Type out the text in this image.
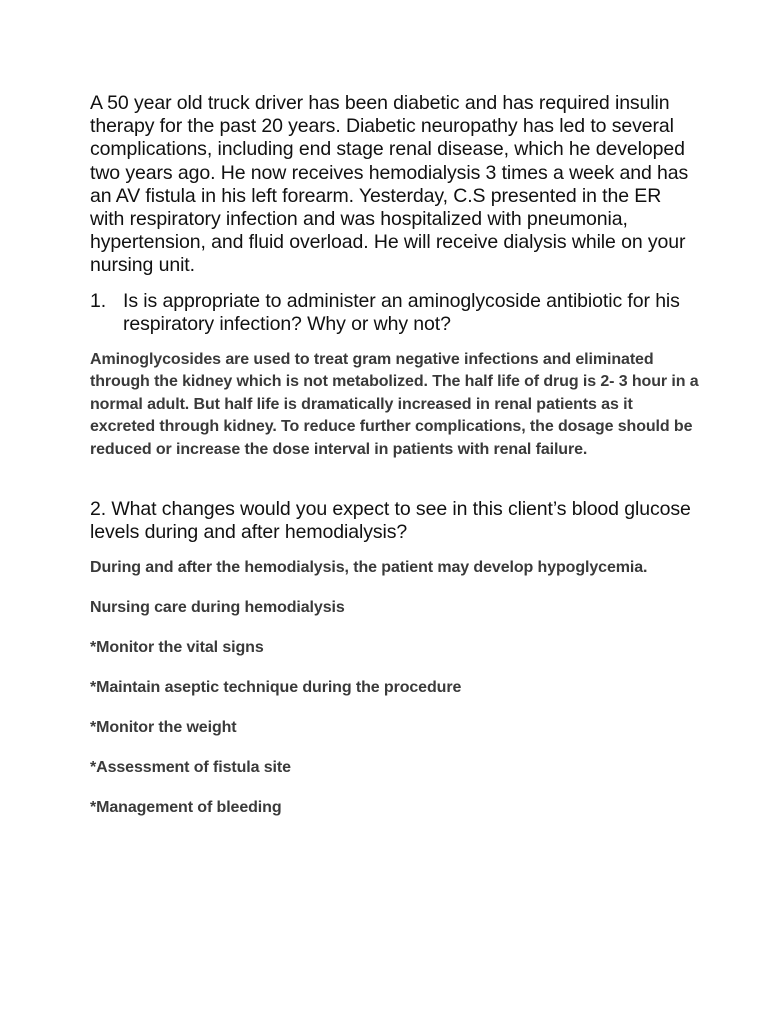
A 50 year old truck driver has been diabetic and has required insulin therapy for the past 20 years. Diabetic neuropathy has led to several complications, including end stage renal disease, which he developed two years ago. He now receives hemodialysis 3 times a week and has an AV fistula in his left forearm. Yesterday, C.S presented in the ER with respiratory infection and was hospitalized with pneumonia, hypertension, and fluid overload. He will receive dialysis while on your nursing unit.

1. Is is appropriate to administer an aminoglycoside antibiotic for his respiratory infection? Why or why not?

Aminoglycosides are used to treat gram negative infections and eliminated through the kidney which is not metabolized. The half life of drug is 2- 3 hour in a normal adult. But half life is dramatically increased in renal patients as it excreted through kidney. To reduce further complications, the dosage should be reduced or increase the dose interval in patients with renal failure.

2. What changes would you expect to see in this client’s blood glucose levels during and after hemodialysis?

During and after the hemodialysis, the patient may develop hypoglycemia.

Nursing care during hemodialysis

*Monitor the vital signs
*Maintain aseptic technique during the procedure
*Monitor the weight
*Assessment of fistula site
*Management of bleeding
